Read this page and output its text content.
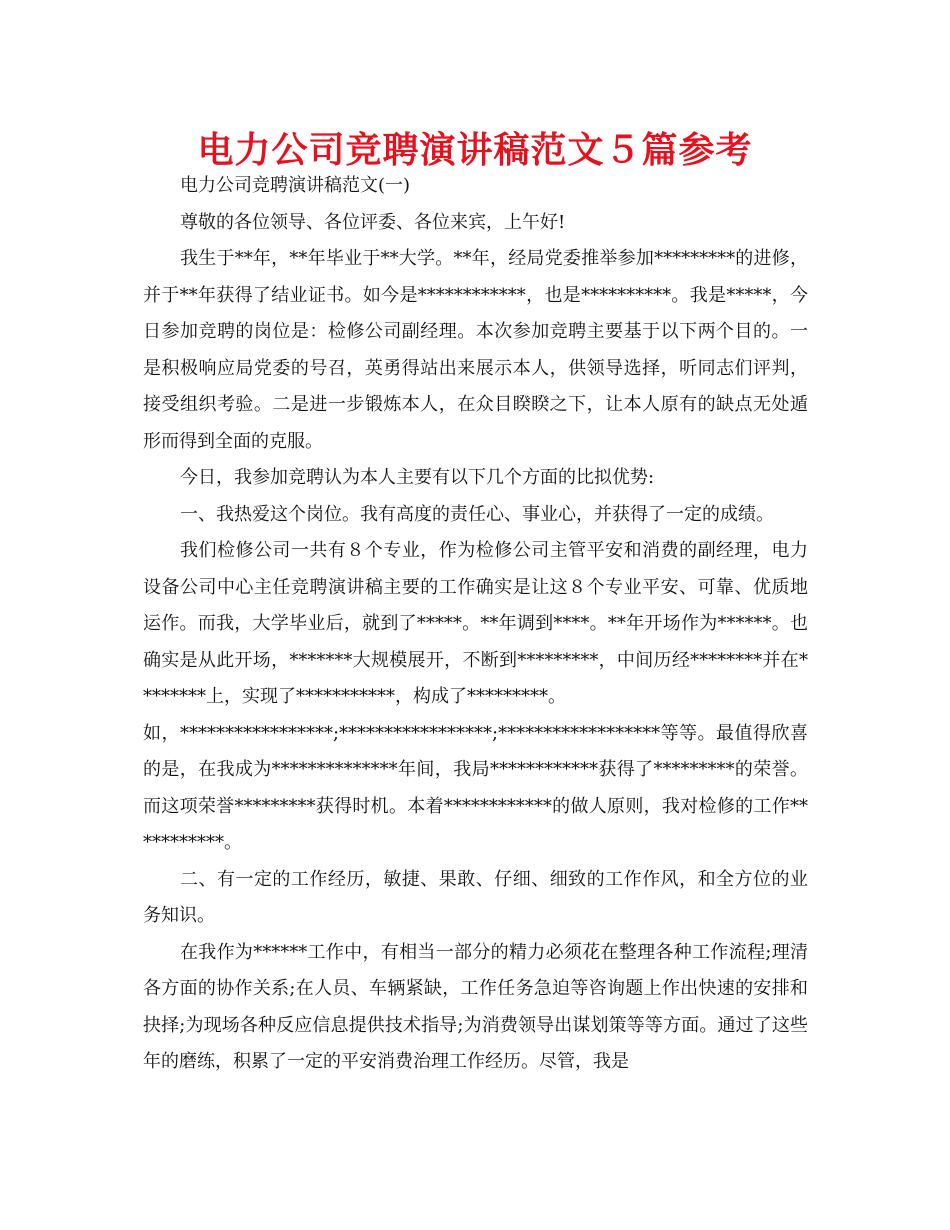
电力公司竞聘演讲稿范文５篇参考

电力公司竞聘演讲稿范文(一)

尊敬的各位领导、各位评委、各位来宾，上午好!

我生于**年，**年毕业于**大学。**年，经局党委推举参加*********的进修，并于**年获得了结业证书。如今是************，也是**********。我是*****，今日参加竞聘的岗位是：检修公司副经理。本次参加竞聘主要基于以下两个目的。一是积极响应局党委的号召，英勇得站出来展示本人，供领导选择，听同志们评判，接受组织考验。二是进一步锻炼本人，在众目睽睽之下，让本人原有的缺点无处遁形而得到全面的克服。

今日，我参加竞聘认为本人主要有以下几个方面的比拟优势:

一、我热爱这个岗位。我有高度的责任心、事业心，并获得了一定的成绩。

我们检修公司一共有８个专业，作为检修公司主管平安和消费的副经理，电力设备公司中心主任竞聘演讲稿主要的工作确实是让这８个专业平安、可靠、优质地运作。而我，大学毕业后，就到了*****。**年调到****。**年开场作为******。也确实是从此开场，*******大规模展开，不断到*********，中间历经********并在********上，实现了***********，构成了*********。

如，*****************;*****************;******************等等。最值得欣喜的是，在我成为**************年间，我局************获得了*********的荣誉。而这项荣誉*********获得时机。本着************的做人原则，我对检修的工作***********。

二、有一定的工作经历，敏捷、果敢、仔细、细致的工作作风，和全方位的业务知识。

在我作为******工作中，有相当一部分的精力必须花在整理各种工作流程;理清各方面的协作关系;在人员、车辆紧缺，工作任务急迫等咨询题上作出快速的安排和抉择;为现场各种反应信息提供技术指导;为消费领导出谋划策等等方面。通过了这些年的磨练，积累了一定的平安消费治理工作经历。尽管，我是
